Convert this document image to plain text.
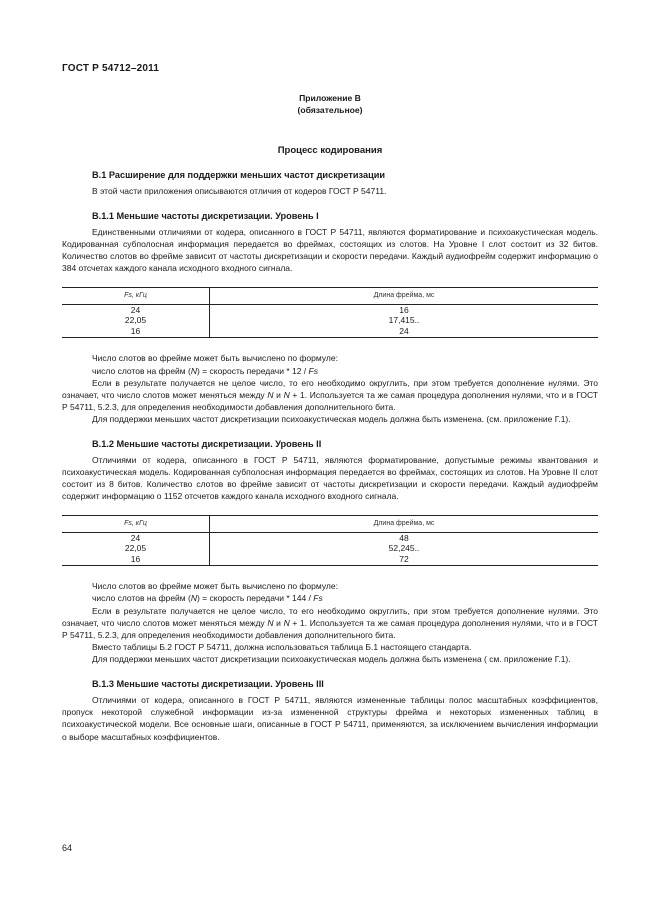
ГОСТ Р 54712–2011
Приложение В
(обязательное)
Процесс кодирования
В.1 Расширение для поддержки меньших частот дискретизации

В этой части приложения описываются отличия от кодеров ГОСТ Р 54711.

В.1.1 Меньшие частоты дискретизации. Уровень I

Единственными отличиями от кодера, описанного в ГОСТ Р 54711, являются форматирование и психоакустическая модель. Кодированная субполосная информация передается во фреймах, состоящих из слотов. На Уровне I слот состоит из 32 битов. Количество слотов во фрейме зависит от частоты дискретизации и скорости передачи. Каждый аудиофрейм содержит информацию о 384 отсчетах каждого канала исходного входного сигнала.

Fs, кГц	Длина фрейма, мс
24	16
22,05	17,415..
16	24

Число слотов во фрейме может быть вычислено по формуле:

число слотов на фрейм (N) = скорость передачи * 12 / Fs

Если в результате получается не целое число, то его необходимо округлить, при этом требуется дополнение нулями. Это означает, что число слотов может меняться между N и N + 1. Используется та же самая процедура дополнения нулями, что и в ГОСТ Р 54711, 5.2.3, для определения необходимости добавления дополнительного бита.

Для поддержки меньших частот дискретизации психоакустическая модель должна быть изменена. (см. приложение Г.1).

В.1.2 Меньшие частоты дискретизации. Уровень II

Отличиями от кодера, описанного в ГОСТ Р 54711, являются форматирование, допустымые режимы квантования и психоакустическая модель. Кодированная субполосная информация передается во фреймах, состоящих из слотов. На Уровне II слот состоит из 8 битов. Количество слотов во фрейме зависит от частоты дискретизации и скорости передачи. Каждый аудиофрейм содержит информацию о 1152 отсчетов каждого канала исходного входного сигнала.

Fs, кГц	Длина фрейма, мс
24	48
22,05	52,245..
16	72

Число слотов во фрейме может быть вычислено по формуле:

число слотов на фрейм (N) = скорость передачи * 144 / Fs

Если в результате получается не целое число, то его необходимо округлить, при этом требуется дополнение нулями. Это означает, что число слотов может меняться между N и N + 1. Используется та же самая процедура дополнения нулями, что и в ГОСТ Р 54711, 5.2.3, для определения необходимости добавления дополнительного бита.

Вместо таблицы Б.2 ГОСТ Р 54711, должна использоваться таблица Б.1 настоящего стандарта.

Для поддержки меньших частот дискретизации психоакустическая модель должна быть изменена ( см. приложение Г.1).

В.1.3 Меньшие частоты дискретизации. Уровень III

Отличиями от кодера, описанного в ГОСТ Р 54711, являются измененные таблицы полос масштабных коэффициентов, пропуск некоторой служебной информации из-за измененной структуры фрейма и некоторых измененных таблиц в психоакустической модели. Все основные шаги, описанные в ГОСТ Р 54711, применяются, за исключением вычисления информации о выборе масштабных коэффициентов.

64
